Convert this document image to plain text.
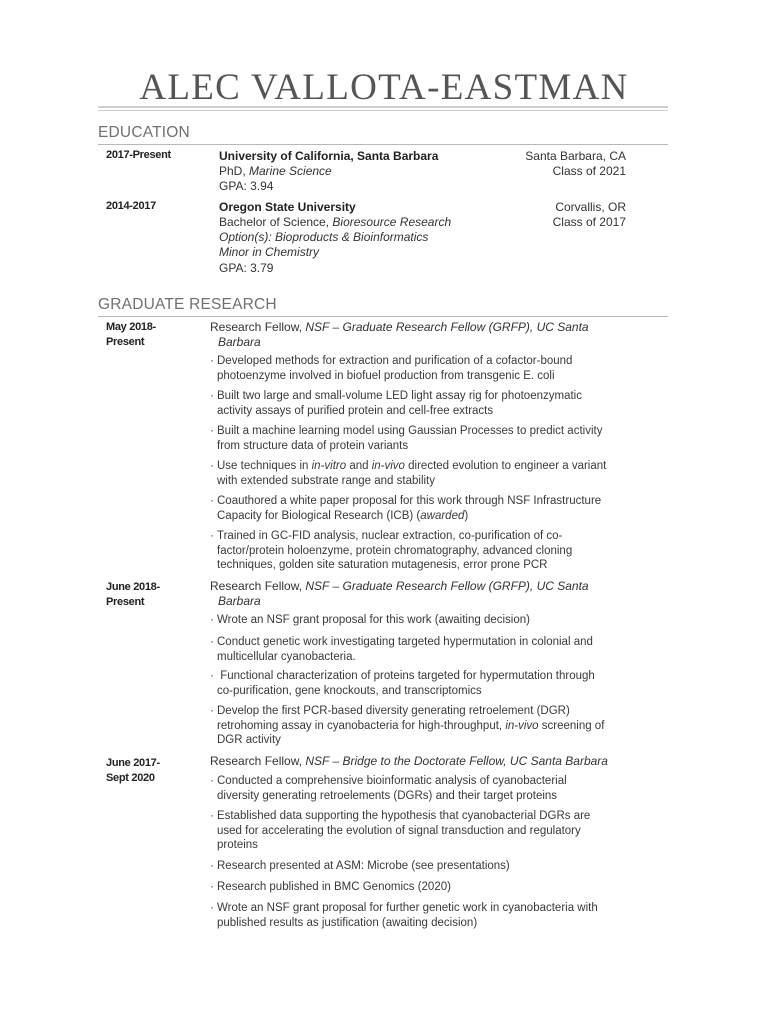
ALEC VALLOTA-EASTMAN
EDUCATION
2017-Present	University of California, Santa Barbara
PhD, Marine Science
GPA: 3.94
Santa Barbara, CA
Class of 2021
2014-2017	Oregon State University
Bachelor of Science, Bioresource Research
Option(s): Bioproducts & Bioinformatics
Minor in Chemistry
GPA: 3.79
Corvallis, OR
Class of 2017
GRADUATE RESEARCH
May 2018-
Present
Research Fellow, NSF – Graduate Research Fellow (GRFP), UC Santa
Barbara
· Developed methods for extraction and purification of a cofactor-bound
photoenzyme involved in biofuel production from transgenic E. coli
· Built two large and small-volume LED light assay rig for photoenzymatic
activity assays of purified protein and cell-free extracts
· Built a machine learning model using Gaussian Processes to predict activity
from structure data of protein variants
· Use techniques in in-vitro and in-vivo directed evolution to engineer a variant
with extended substrate range and stability
· Coauthored a white paper proposal for this work through NSF Infrastructure
Capacity for Biological Research (ICB) (awarded)
· Trained in GC-FID analysis, nuclear extraction, co-purification of co-
factor/protein holoenzyme, protein chromatography, advanced cloning
techniques, golden site saturation mutagenesis, error prone PCR
June 2018-
Present
Research Fellow, NSF – Graduate Research Fellow (GRFP), UC Santa
Barbara
· Wrote an NSF grant proposal for this work (awaiting decision)
· Conduct genetic work investigating targeted hypermutation in colonial and
multicellular cyanobacteria.
· Functional characterization of proteins targeted for hypermutation through
co-purification, gene knockouts, and transcriptomics
· Develop the first PCR-based diversity generating retroelement (DGR)
retrohoming assay in cyanobacteria for high-throughput, in-vivo screening of
DGR activity
June 2017-
Sept 2020
Research Fellow, NSF – Bridge to the Doctorate Fellow, UC Santa Barbara
· Conducted a comprehensive bioinformatic analysis of cyanobacterial
diversity generating retroelements (DGRs) and their target proteins
· Established data supporting the hypothesis that cyanobacterial DGRs are
used for accelerating the evolution of signal transduction and regulatory
proteins
· Research presented at ASM: Microbe (see presentations)
· Research published in BMC Genomics (2020)
· Wrote an NSF grant proposal for further genetic work in cyanobacteria with
published results as justification (awaiting decision)
